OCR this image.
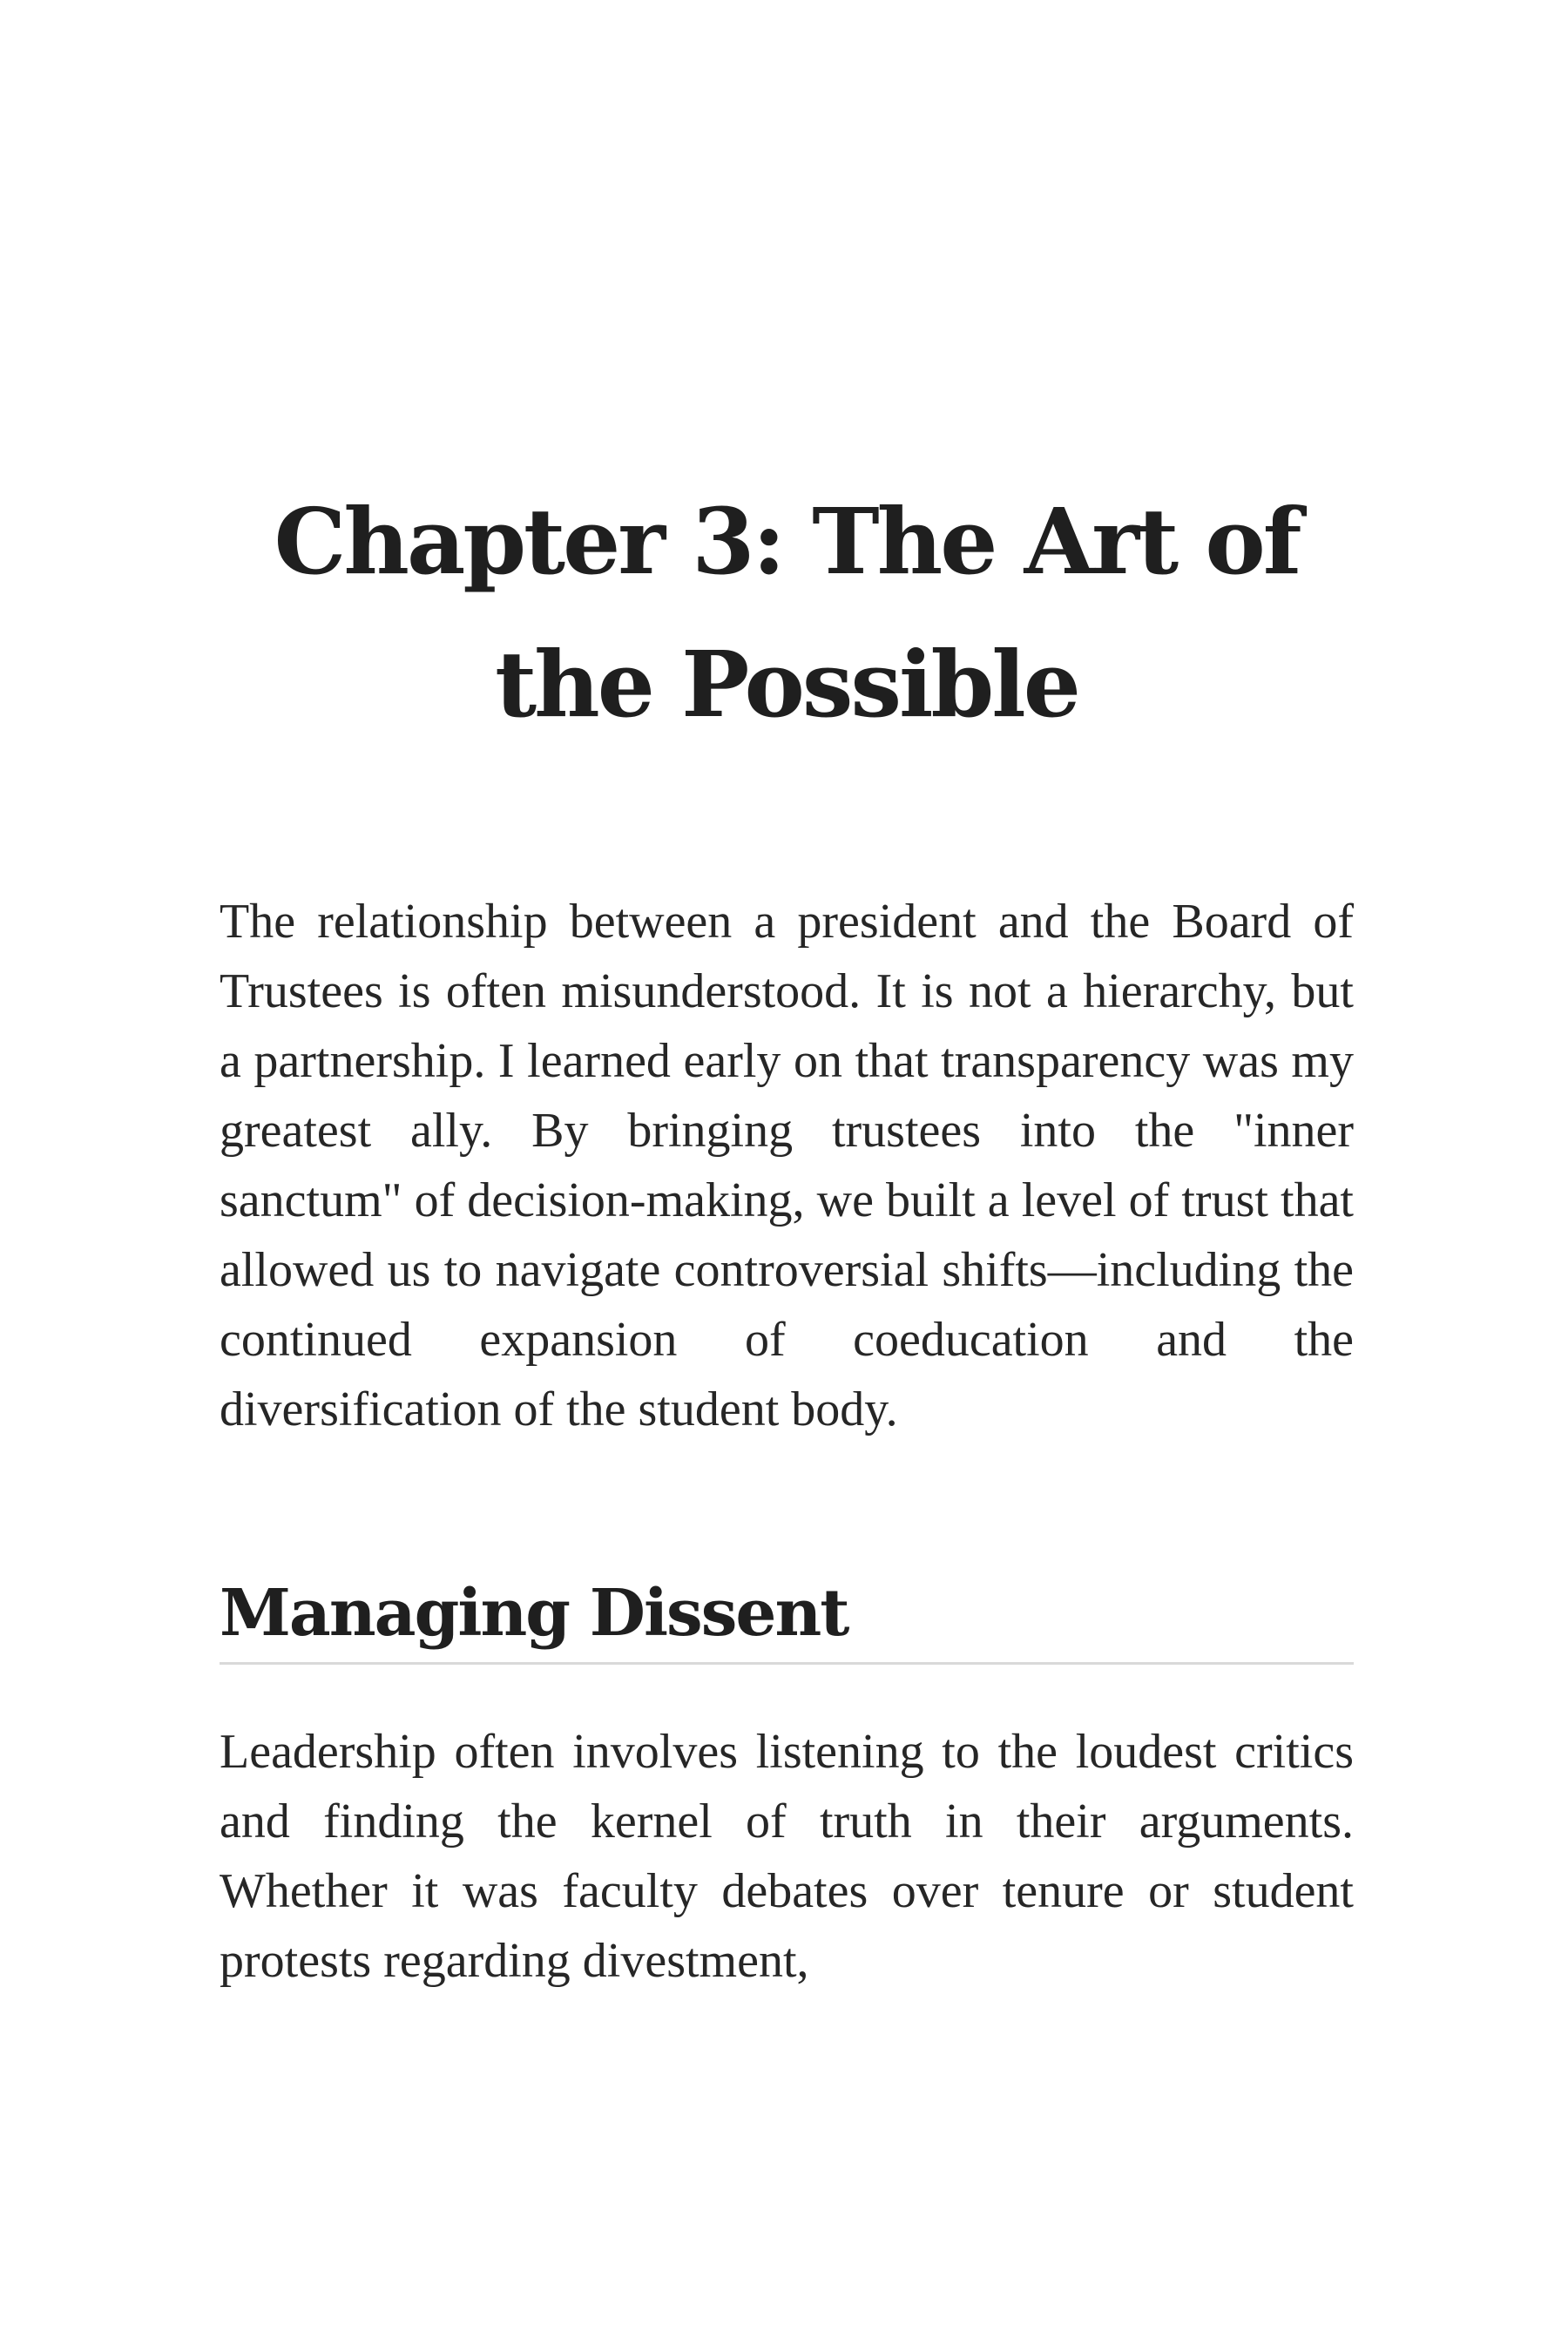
Chapter 3: The Art of the Possible

The relationship between a president and the Board of Trustees is often misunderstood. It is not a hierarchy, but a partnership. I learned early on that transparency was my greatest ally. By bringing trustees into the "inner sanctum" of decision-making, we built a level of trust that allowed us to navigate controversial shifts—including the continued expansion of coeducation and the diversification of the student body.

Managing Dissent

Leadership often involves listening to the loudest critics and finding the kernel of truth in their arguments. Whether it was faculty debates over tenure or student protests regarding divestment,
